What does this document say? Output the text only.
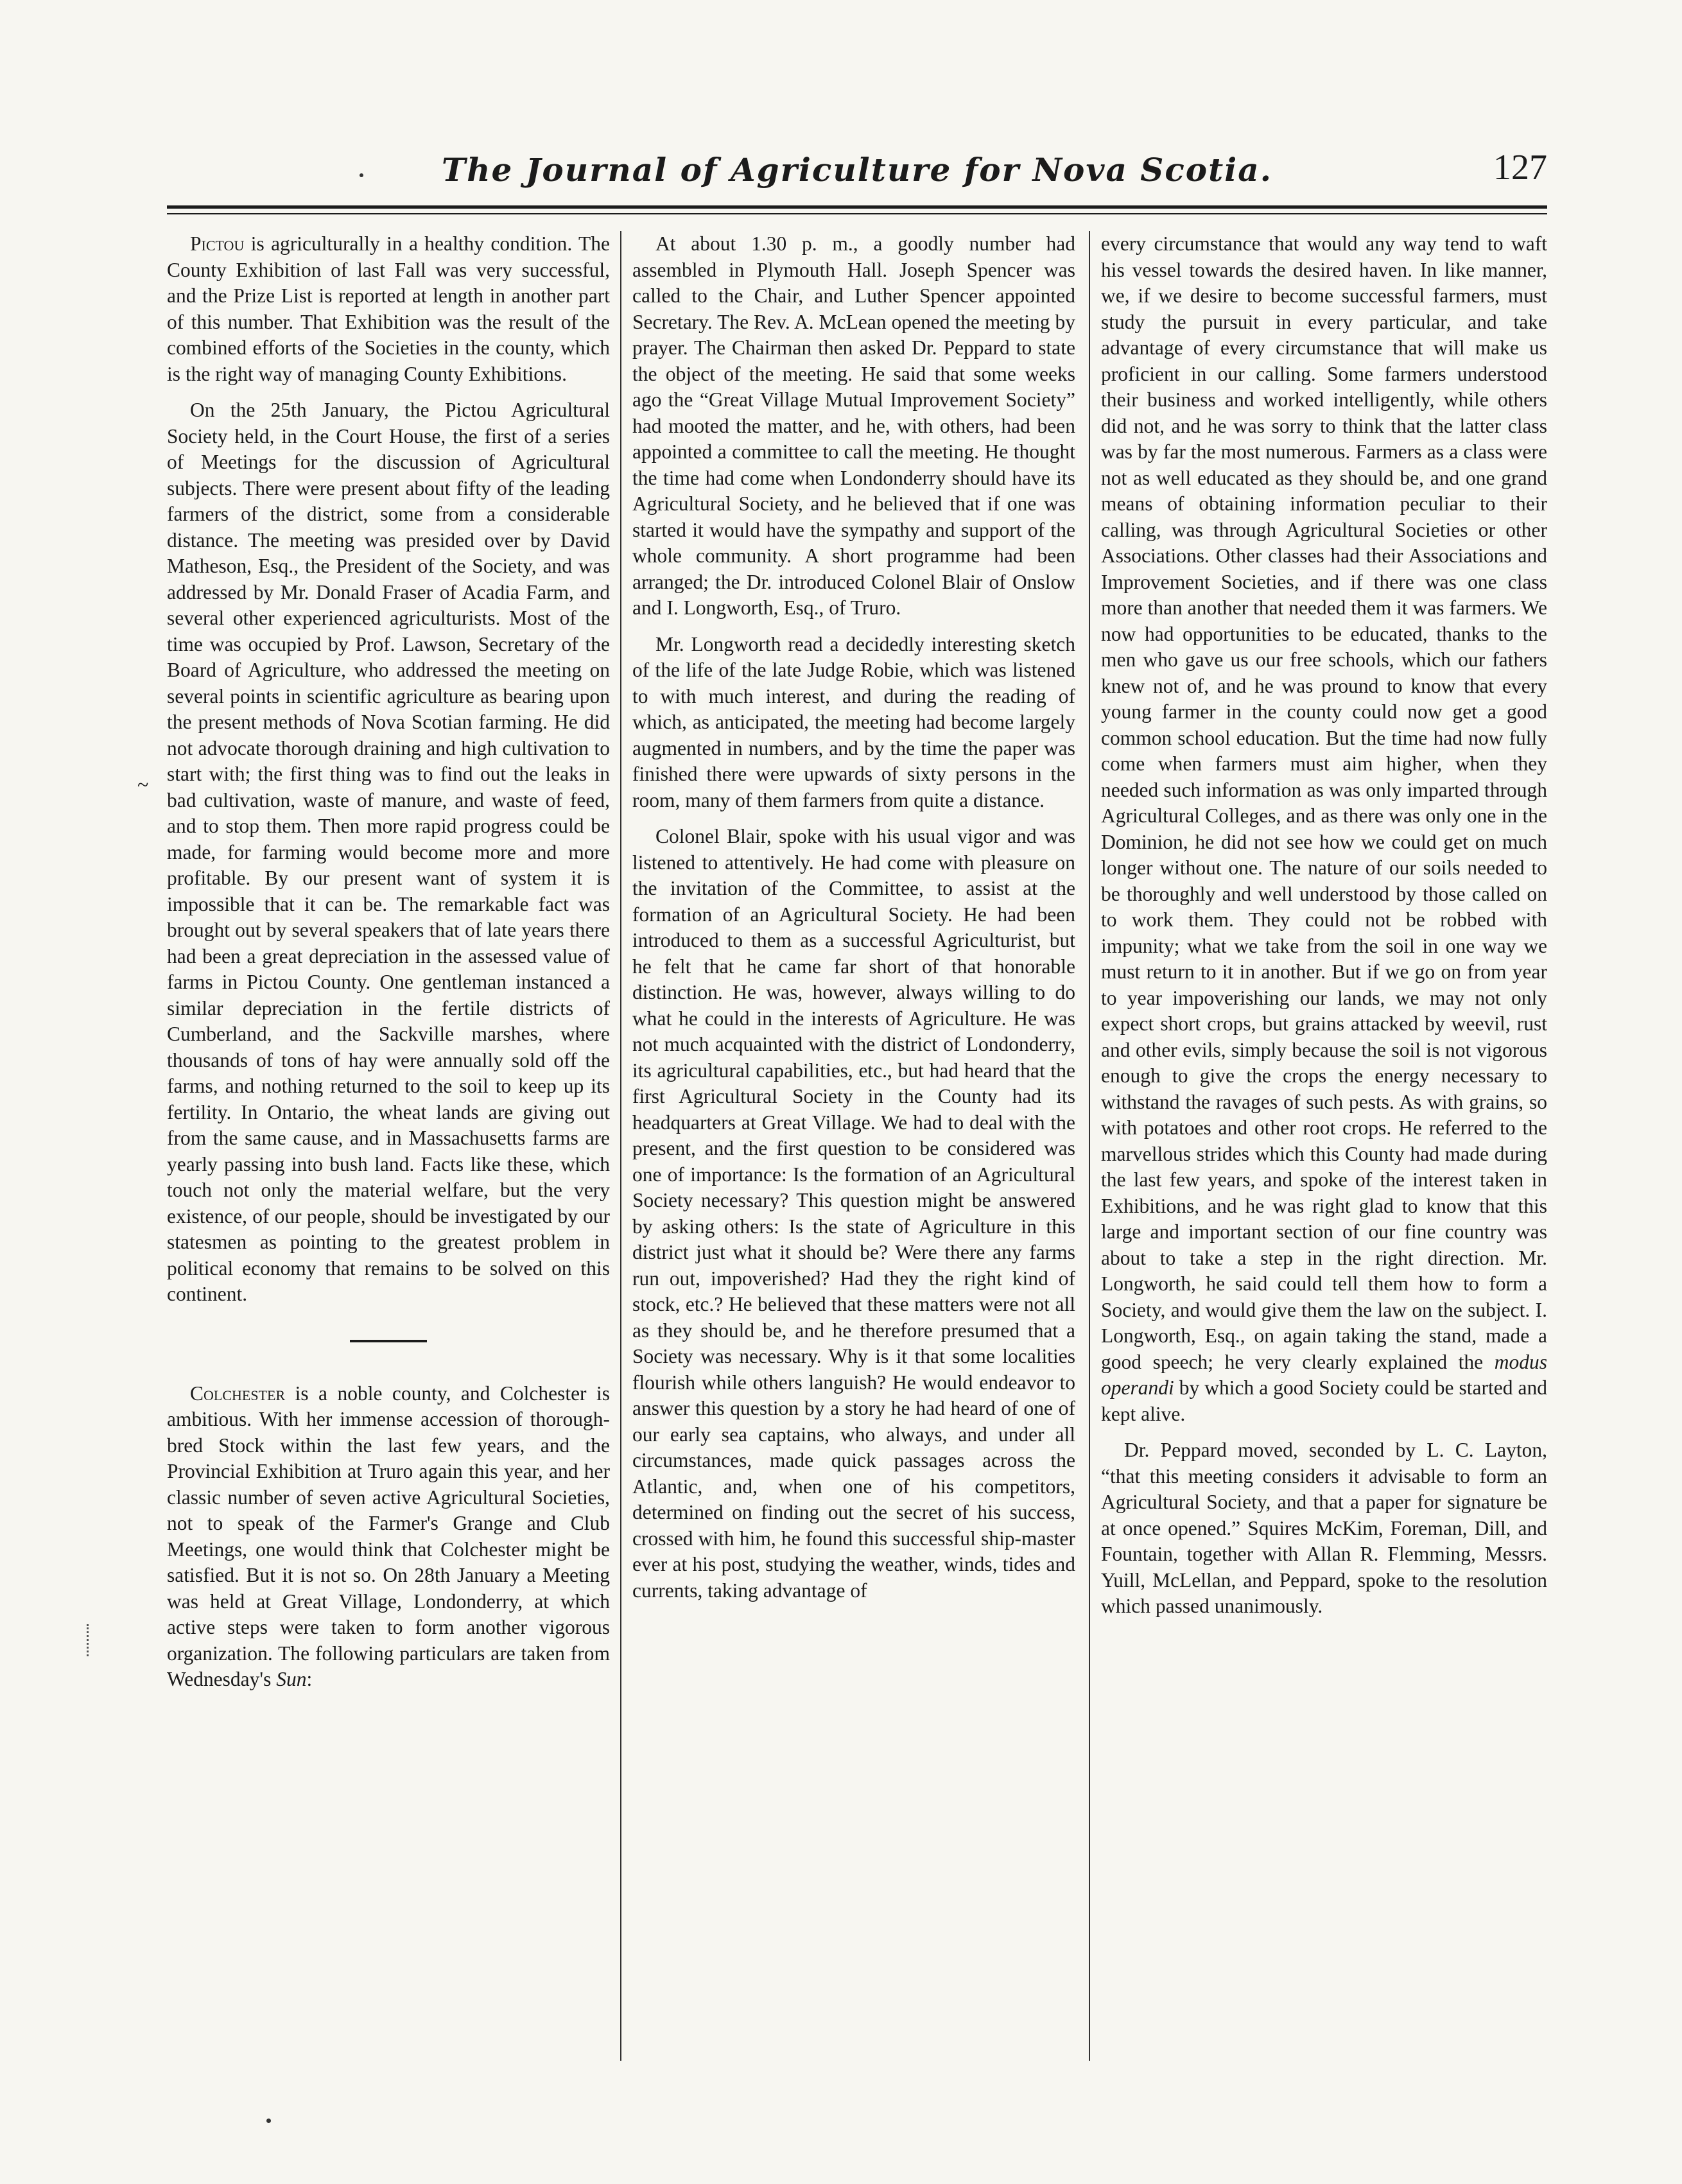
The Journal of Agriculture for Nova Scotia.	127
~

Pictou is agriculturally in a healthy condition. The County Exhibition of last Fall was very successful, and the Prize List is reported at length in another part of this number. That Exhibition was the result of the combined efforts of the Societies in the county, which is the right way of managing County Exhibitions.

On the 25th January, the Pictou Agricultural Society held, in the Court House, the first of a series of Meetings for the discussion of Agricultural subjects. There were present about fifty of the leading farmers of the district, some from a considerable distance. The meeting was presided over by David Matheson, Esq., the President of the Society, and was addressed by Mr. Donald Fraser of Acadia Farm, and several other experienced agriculturists. Most of the time was occupied by Prof. Lawson, Secretary of the Board of Agriculture, who addressed the meeting on several points in scientific agriculture as bearing upon the present methods of Nova Scotian farming. He did not advocate thorough draining and high cultivation to start with; the first thing was to find out the leaks in bad cultivation, waste of manure, and waste of feed, and to stop them. Then more rapid progress could be made, for farming would become more and more profitable. By our present want of system it is impossible that it can be. The remarkable fact was brought out by several speakers that of late years there had been a great depreciation in the assessed value of farms in Pictou County. One gentleman instanced a similar depreciation in the fertile districts of Cumberland, and the Sackville marshes, where thousands of tons of hay were annually sold off the farms, and nothing returned to the soil to keep up its fertility. In Ontario, the wheat lands are giving out from the same cause, and in Massachusetts farms are yearly passing into bush land. Facts like these, which touch not only the material welfare, but the very existence, of our people, should be investigated by our statesmen as pointing to the greatest problem in political economy that remains to be solved on this continent.

Colchester is a noble county, and Colchester is ambitious. With her immense accession of thorough-bred Stock within the last few years, and the Provincial Exhibition at Truro again this year, and her classic number of seven active Agricultural Societies, not to speak of the Farmer's Grange and Club Meetings, one would think that Colchester might be satisfied. But it is not so. On 28th January a Meeting was held at Great Village, Londonderry, at which active steps were taken to form another vigorous organization. The following particulars are taken from Wednesday's Sun:

At about 1.30 p. m., a goodly number had assembled in Plymouth Hall. Joseph Spencer was called to the Chair, and Luther Spencer appointed Secretary. The Rev. A. McLean opened the meeting by prayer. The Chairman then asked Dr. Peppard to state the object of the meeting. He said that some weeks ago the “Great Village Mutual Improvement Society” had mooted the matter, and he, with others, had been appointed a committee to call the meeting. He thought the time had come when Londonderry should have its Agricultural Society, and he believed that if one was started it would have the sympathy and support of the whole community. A short programme had been arranged; the Dr. introduced Colonel Blair of Onslow and I. Longworth, Esq., of Truro.

Mr. Longworth read a decidedly interesting sketch of the life of the late Judge Robie, which was listened to with much interest, and during the reading of which, as anticipated, the meeting had become largely augmented in numbers, and by the time the paper was finished there were upwards of sixty persons in the room, many of them farmers from quite a distance.

Colonel Blair, spoke with his usual vigor and was listened to attentively. He had come with pleasure on the invitation of the Committee, to assist at the formation of an Agricultural Society. He had been introduced to them as a successful Agriculturist, but he felt that he came far short of that honorable distinction. He was, however, always willing to do what he could in the interests of Agriculture. He was not much acquainted with the district of Londonderry, its agricultural capabilities, etc., but had heard that the first Agricultural Society in the County had its headquarters at Great Village. We had to deal with the present, and the first question to be considered was one of importance: Is the formation of an Agricultural Society necessary? This question might be answered by asking others: Is the state of Agriculture in this district just what it should be? Were there any farms run out, impoverished? Had they the right kind of stock, etc.? He believed that these matters were not all as they should be, and he therefore presumed that a Society was necessary. Why is it that some localities flourish while others languish? He would endeavor to answer this question by a story he had heard of one of our early sea captains, who always, and under all circumstances, made quick passages across the Atlantic, and, when one of his competitors, determined on finding out the secret of his success, crossed with him, he found this successful ship-master ever at his post, studying the weather, winds, tides and currents, taking advantage of

every circumstance that would any way tend to waft his vessel towards the desired haven. In like manner, we, if we desire to become successful farmers, must study the pursuit in every particular, and take advantage of every circumstance that will make us proficient in our calling. Some farmers understood their business and worked intelligently, while others did not, and he was sorry to think that the latter class was by far the most numerous. Farmers as a class were not as well educated as they should be, and one grand means of obtaining information peculiar to their calling, was through Agricultural Societies or other Associations. Other classes had their Associations and Improvement Societies, and if there was one class more than another that needed them it was farmers. We now had opportunities to be educated, thanks to the men who gave us our free schools, which our fathers knew not of, and he was pround to know that every young farmer in the county could now get a good common school education. But the time had now fully come when farmers must aim higher, when they needed such information as was only imparted through Agricultural Colleges, and as there was only one in the Dominion, he did not see how we could get on much longer without one. The nature of our soils needed to be thoroughly and well understood by those called on to work them. They could not be robbed with impunity; what we take from the soil in one way we must return to it in another. But if we go on from year to year impoverishing our lands, we may not only expect short crops, but grains attacked by weevil, rust and other evils, simply because the soil is not vigorous enough to give the crops the energy necessary to withstand the ravages of such pests. As with grains, so with potatoes and other root crops. He referred to the marvellous strides which this County had made during the last few years, and spoke of the interest taken in Exhibitions, and he was right glad to know that this large and important section of our fine country was about to take a step in the right direction. Mr. Longworth, he said could tell them how to form a Society, and would give them the law on the subject. I. Longworth, Esq., on again taking the stand, made a good speech; he very clearly explained the modus operandi by which a good Society could be started and kept alive.

Dr. Peppard moved, seconded by L. C. Layton, “that this meeting considers it advisable to form an Agricultural Society, and that a paper for signature be at once opened.” Squires McKim, Foreman, Dill, and Fountain, together with Allan R. Flemming, Messrs. Yuill, McLellan, and Peppard, spoke to the resolution which passed unanimously.
